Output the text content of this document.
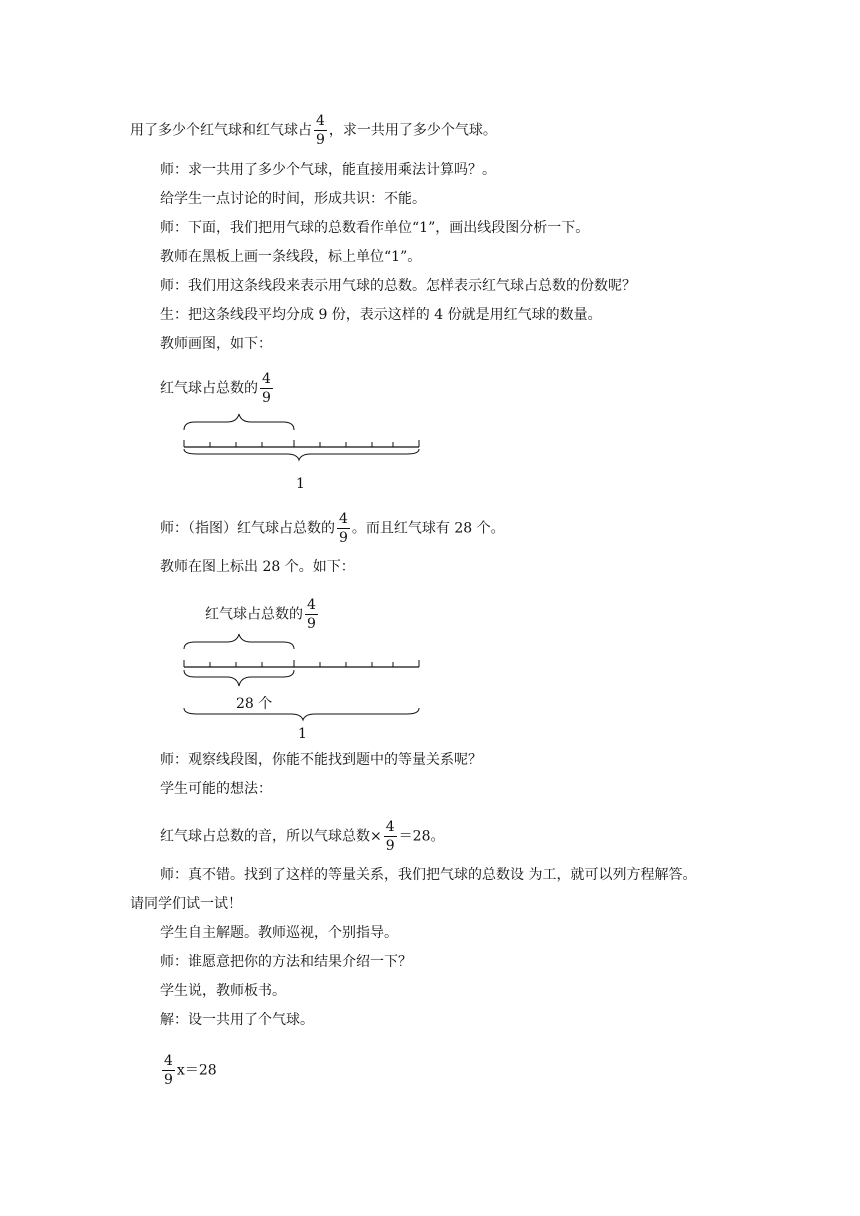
用了多少个红气球和红气球占 $\frac{4}{9}$ ，求一共用了多少个气球。
师：求一共用了多少个气球，能直接用乘法计算吗？。
给学生一点讨论的时间，形成共识：不能。
师：下面，我们把用气球的总数看作单位“1”，画出线段图分析一下。
教师在黑板上画一条线段，标上单位“1”。
师：我们用这条线段来表示用气球的总数。怎样表示红气球占总数的份数呢？
生：把这条线段平均分成 9 份，表示这样的 4 份就是用红气球的数量。
教师画图，如下：
红气球占总数的 $\frac{4}{9}$
1
师：（指图）红气球占总数的 $\frac{4}{9}$ 。而且红气球有 28 个。
教师在图上标出 28 个。如下：
红气球占总数的 $\frac{4}{9}$
28 个
1
师：观察线段图，你能不能找到题中的等量关系呢？
学生可能的想法：
红气球占总数的音，所以气球总数× $\frac{4}{9} =28$。
师：真不错。找到了这样的等量关系，我们把气球的总数设 为工，就可以列方程解答。
请同学们试一试！
学生自主解题。教师巡视，个别指导。
师：谁愿意把你的方法和结果介绍一下？
学生说，教师板书。
解：设一共用了个气球。
$\frac{4}{9} x=28$
